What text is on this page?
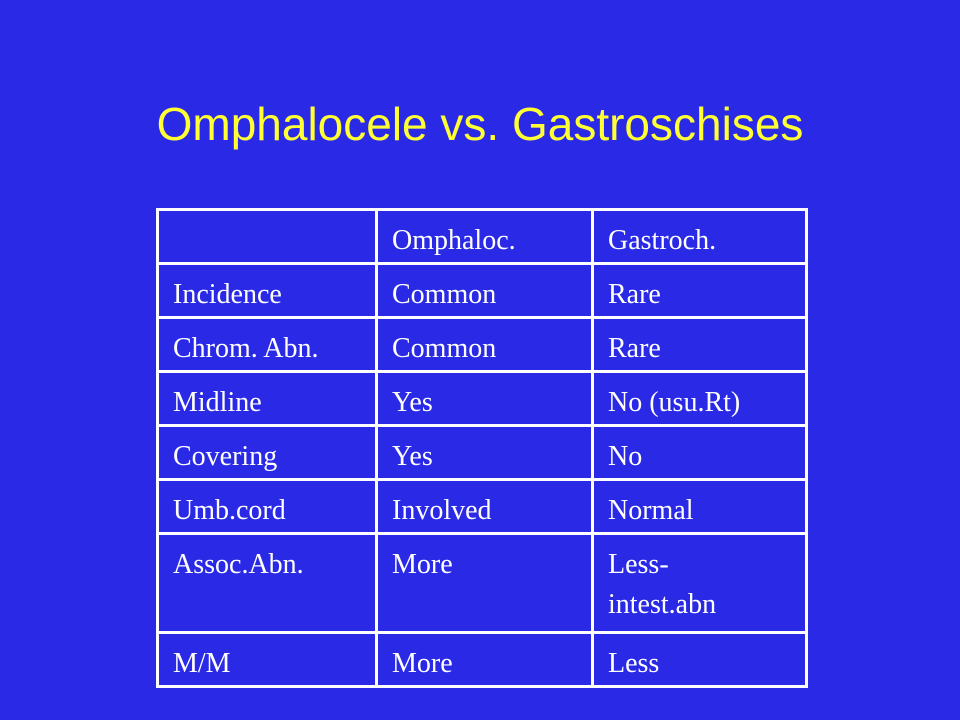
Omphalocele vs. Gastroschises

	Omphaloc.	Gastroch.

Incidence	Common	Rare

Chrom. Abn.	Common	Rare

Midline	Yes	No (usu.Rt)

Covering	Yes	No

Umb.cord	Involved	Normal

Assoc.Abn.	More	Less-intest.abn

M/M	More	Less
